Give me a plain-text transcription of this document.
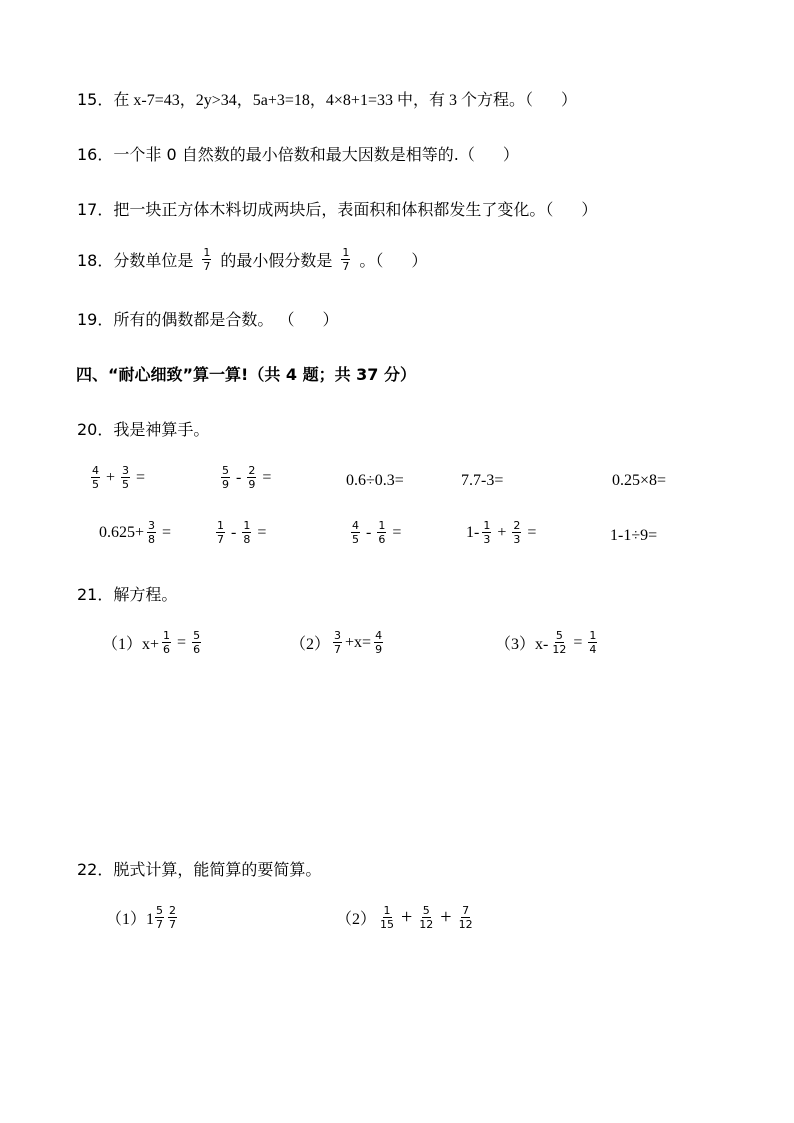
15．在 x-7=43，2y>34，5a+3=18，4×8+1=33 中，有 3 个方程。（ ）
16．一个非 0 自然数的最小倍数和最大因数是相等的.（ ）
17．把一块正方体木料切成两块后，表面积和体积都发生了变化。（ ）
18． 分数单位是 $\frac{1}{7}$ 的最小假分数是 $\frac{1}{7}$ 。（ ）
19．所有的偶数都是合数。 （ ）
四、“耐心细致”算一算!（共 4 题；共 37 分）
20．我是神算手。
$\frac{4}{5} + \frac{3}{5}$ =	$\frac{5}{9} - \frac{2}{9}$ =	0.6÷0.3=	7.7-3=	0.25×8=
$0.625+ \frac{3}{8}$ =	$\frac{1}{7} - \frac{1}{8}$ =	$\frac{4}{5} - \frac{1}{6}$ =	$1- \frac{1}{3} + \frac{2}{3}$ =	1-1÷9=
21．解方程。
$(1)x+ \frac{1}{6} = \frac{5}{6}$	$(2) \frac{3}{7} +x= \frac{4}{9}$	$(3)x- \frac{5}{12} = \frac{1}{4}$
22．脱式计算，能简算的要简算。
$(1)1 \frac{5}{7} \frac{2}{7}$	$(2) \frac{1}{15} + \frac{5}{12} + \frac{7}{12}$
